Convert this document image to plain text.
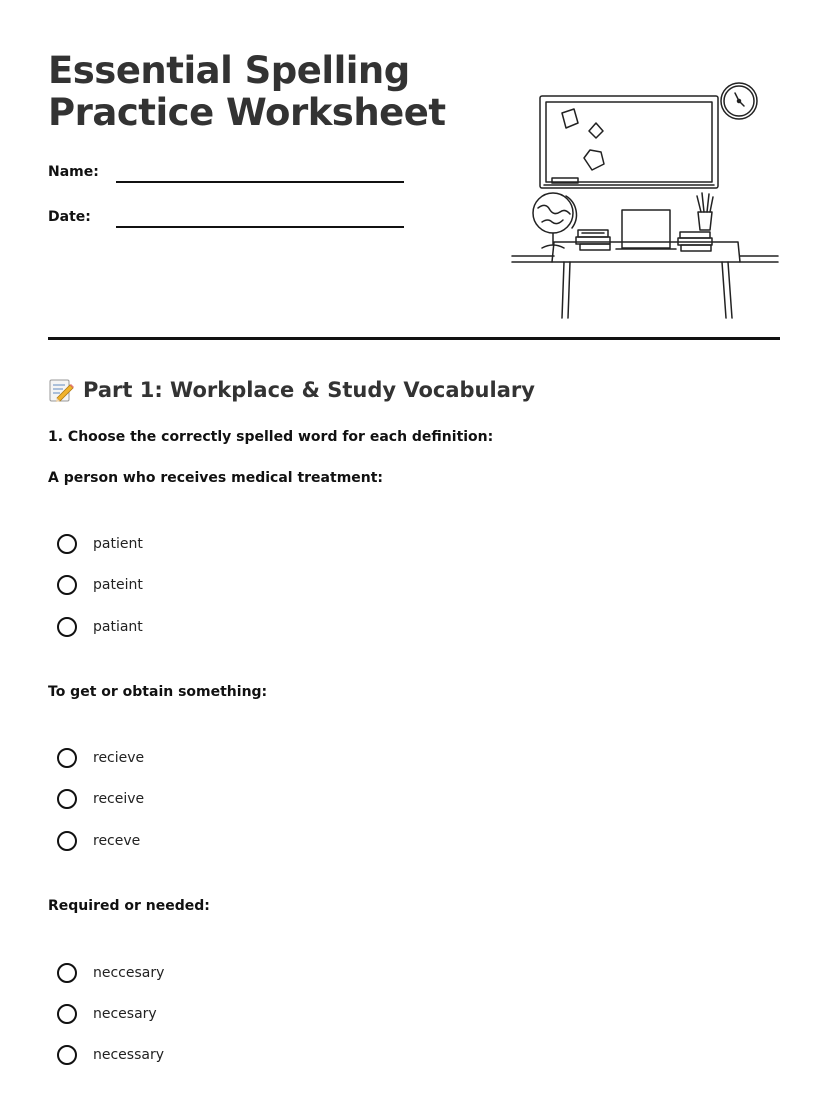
Essential Spelling
Practice Worksheet
Name:
Date:
Part 1: Workplace & Study Vocabulary
1. Choose the correctly spelled word for each definition:
A person who receives medical treatment:
patient
pateint
patiant
To get or obtain something:
recieve
receive
receve
Required or needed:
neccesary
necesary
necessary
